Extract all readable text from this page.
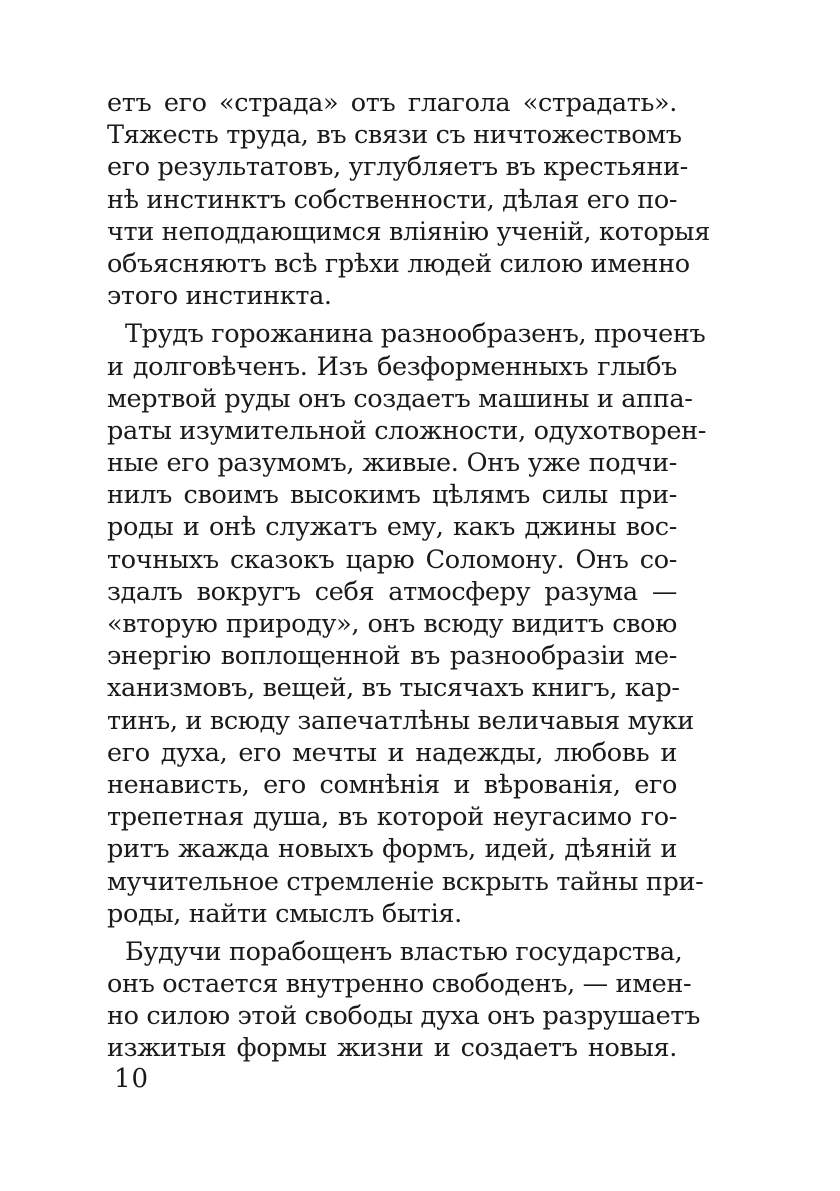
етъ его «страда» отъ глагола «страдать».
Тяжесть труда, въ связи съ ничтожествомъ
его результатовъ, углубляетъ въ крестьяни-
нѣ инстинктъ собственности, дѣлая его по-
чти неподдающимся влiянiю ученiй, которыя
объясняютъ всѣ грѣхи людей силою именно
этого инстинкта.
Трудъ горожанина разнообразенъ, проченъ
и долговѣченъ. Изъ безформенныхъ глыбъ
мертвой руды онъ создаетъ машины и аппа-
раты изумительной сложности, одухотворен-
ные его разумомъ, живые. Онъ уже подчи-
нилъ своимъ высокимъ цѣлямъ силы при-
роды и онѣ служатъ ему, какъ джины вос-
точныхъ сказокъ царю Соломону. Онъ со-
здалъ вокругъ себя атмосферу разума —
«вторую природу», онъ всюду видитъ свою
энергiю воплощенной въ разнообразiи ме-
ханизмовъ, вещей, въ тысячахъ книгъ, кар-
тинъ, и всюду запечатлѣны величавыя муки
его духа, его мечты и надежды, любовь и
ненависть, его сомнѣнiя и вѣрованiя, его
трепетная душа, въ которой неугасимо го-
ритъ жажда новыхъ формъ, идей, дѣянiй и
мучительное стремленiе вскрыть тайны при-
роды, найти смыслъ бытiя.
Будучи порабощенъ властью государства,
онъ остается внутренно свободенъ, — имен-
но силою этой свободы духа онъ разрушаетъ
изжитыя формы жизни и создаетъ новыя.
10
